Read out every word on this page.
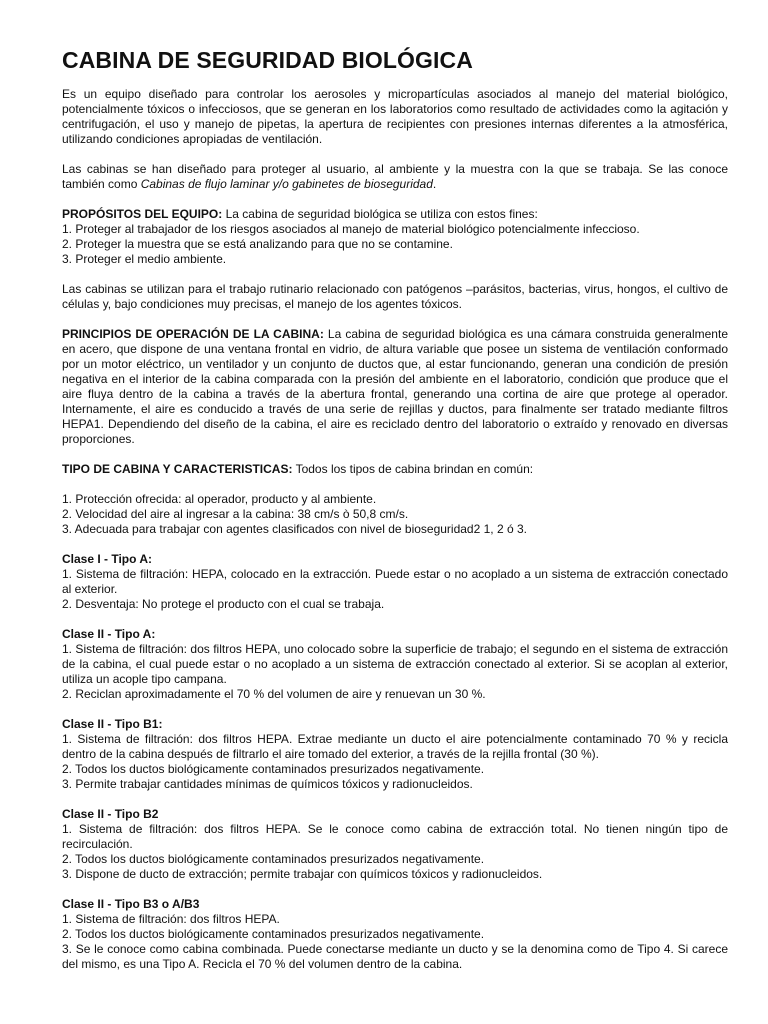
CABINA DE SEGURIDAD BIOLÓGICA

Es un equipo diseñado para controlar los aerosoles y micropartículas asociados al manejo del material biológico, potencialmente tóxicos o infecciosos, que se generan en los laboratorios como resultado de actividades como la agitación y centrifugación, el uso y manejo de pipetas, la apertura de recipientes con presiones internas diferentes a la atmosférica, utilizando condiciones apropiadas de ventilación.

Las cabinas se han diseñado para proteger al usuario, al ambiente y la muestra con la que se trabaja. Se las conoce también como Cabinas de flujo laminar y/o gabinetes de bioseguridad.

PROPÓSITOS DEL EQUIPO: La cabina de seguridad biológica se utiliza con estos fines:

1. Proteger al trabajador de los riesgos asociados al manejo de material biológico potencialmente infeccioso.

2. Proteger la muestra que se está analizando para que no se contamine.

3. Proteger el medio ambiente.

Las cabinas se utilizan para el trabajo rutinario relacionado con patógenos –parásitos, bacterias, virus, hongos, el cultivo de células y, bajo condiciones muy precisas, el manejo de los agentes tóxicos.

PRINCIPIOS DE OPERACIÓN DE LA CABINA: La cabina de seguridad biológica es una cámara construida generalmente en acero, que dispone de una ventana frontal en vidrio, de altura variable que posee un sistema de ventilación conformado por un motor eléctrico, un ventilador y un conjunto de ductos que, al estar funcionando, generan una condición de presión negativa en el interior de la cabina comparada con la presión del ambiente en el laboratorio, condición que produce que el aire fluya dentro de la cabina a través de la abertura frontal, generando una cortina de aire que protege al operador. Internamente, el aire es conducido a través de una serie de rejillas y ductos, para finalmente ser tratado mediante filtros HEPA1. Dependiendo del diseño de la cabina, el aire es reciclado dentro del laboratorio o extraído y renovado en diversas proporciones.

TIPO DE CABINA Y CARACTERISTICAS: Todos los tipos de cabina brindan en común:

1. Protección ofrecida: al operador, producto y al ambiente.

2. Velocidad del aire al ingresar a la cabina: 38 cm/s ò 50,8 cm/s.

3. Adecuada para trabajar con agentes clasificados con nivel de bioseguridad2 1, 2 ó 3.

Clase I - Tipo A:

1. Sistema de filtración: HEPA, colocado en la extracción. Puede estar o no acoplado a un sistema de extracción conectado al exterior.

2. Desventaja: No protege el producto con el cual se trabaja.

Clase II - Tipo A:

1. Sistema de filtración: dos filtros HEPA, uno colocado sobre la superficie de trabajo; el segundo en el sistema de extracción de la cabina, el cual puede estar o no acoplado a un sistema de extracción conectado al exterior. Si se acoplan al exterior, utiliza un acople tipo campana.

2. Reciclan aproximadamente el 70 % del volumen de aire y renuevan un 30 %.

Clase II - Tipo B1:

1. Sistema de filtración: dos filtros HEPA. Extrae mediante un ducto el aire potencialmente contaminado 70 % y recicla dentro de la cabina después de filtrarlo el aire tomado del exterior, a través de la rejilla frontal (30 %).

2. Todos los ductos biológicamente contaminados presurizados negativamente.

3. Permite trabajar cantidades mínimas de químicos tóxicos y radionucleidos.

Clase II - Tipo B2

1. Sistema de filtración: dos filtros HEPA. Se le conoce como cabina de extracción total. No tienen ningún tipo de recirculación.

2. Todos los ductos biológicamente contaminados presurizados negativamente.

3. Dispone de ducto de extracción; permite trabajar con químicos tóxicos y radionucleidos.

Clase II - Tipo B3 o A/B3

1. Sistema de filtración: dos filtros HEPA.

2. Todos los ductos biológicamente contaminados presurizados negativamente.

3. Se le conoce como cabina combinada. Puede conectarse mediante un ducto y se la denomina como de Tipo 4. Si carece del mismo, es una Tipo A. Recicla el 70 % del volumen dentro de la cabina.
